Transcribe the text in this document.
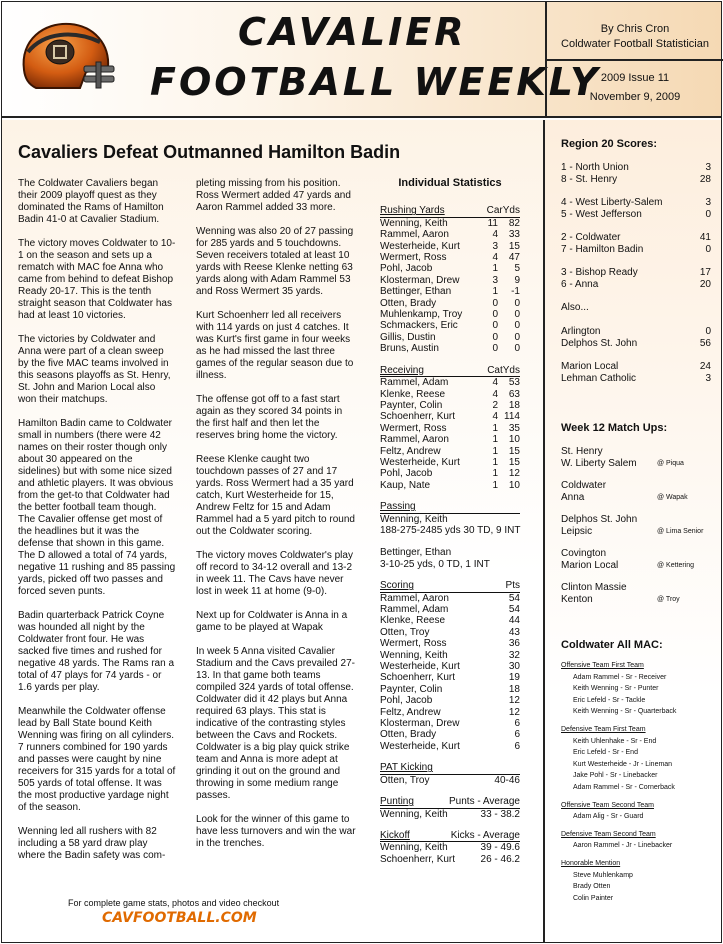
CAVALIER
FOOTBALL WEEKLY
By Chris Cron
Coldwater Football Statistician
2009 Issue 11
November 9, 2009
Cavaliers Defeat Outmanned Hamilton Badin

The Coldwater Cavaliers began their 2009 playoff quest as they dominated the Rams of Hamilton Badin 41-0 at Cavalier Stadium.

The victory moves Coldwater to 10-1 on the season and sets up a rematch with MAC foe Anna who came from behind to defeat Bishop Ready 20-17. This is the tenth straight season that Coldwater has had at least 10 victories.

The victories by Coldwater and Anna were part of a clean sweep by the five MAC teams involved in this seasons playoffs as St. Henry, St. John and Marion Local also won their matchups.

Hamilton Badin came to Coldwater small in numbers (there were 42 names on their roster though only about 30 appeared on the sidelines) but with some nice sized and athletic players. It was obvious from the get-to that Coldwater had the better football team though. The Cavalier offense get most of the headlines but it was the defense that shown in this game. The D allowed a total of 74 yards, negative 11 rushing and 85 passing yards, picked off two passes and forced seven punts.

Badin quarterback Patrick Coyne was hounded all night by the Coldwater front four. He was sacked five times and rushed for negative 48 yards. The Rams ran a total of 47 plays for 74 yards - or 1.6 yards per play.

Meanwhile the Coldwater offense lead by Ball State bound Keith Wenning was firing on all cylinders. 7 runners combined for 190 yards and passes were caught by nine receivers for 315 yards for a total of 505 yards of total offense. It was the most productive yardage night of the season.

Wenning led all rushers with 82 including a 58 yard draw play where the Badin safety was com-

pleting missing from his position. Ross Wermert added 47 yards and Aaron Rammel added 33 more.

Wenning was also 20 of 27 passing for 285 yards and 5 touchdowns. Seven receivers totaled at least 10 yards with Reese Klenke netting 63 yards along with Adam Rammel 53 and Ross Wermert 35 yards.

Kurt Schoenherr led all receivers with 114 yards on just 4 catches. It was Kurt's first game in four weeks as he had missed the last three games of the regular season due to illness.

The offense got off to a fast start again as they scored 34 points in the first half and then let the reserves bring home the victory.

Reese Klenke caught two touchdown passes of 27 and 17 yards. Ross Wermert had a 35 yard catch, Kurt Westerheide for 15, Andrew Feltz for 15 and Adam Rammel had a 5 yard pitch to round out the Coldwater scoring.

The victory moves Coldwater's play off record to 34-12 overall and 13-2 in week 11. The Cavs have never lost in week 11 at home (9-0).

Next up for Coldwater is Anna in a game to be played at Wapak

In week 5 Anna visited Cavalier Stadium and the Cavs prevailed 27-13. In that game both teams compiled 324 yards of total offense. Coldwater did it 42 plays but Anna required 63 plays. This stat is indicative of the contrasting styles between the Cavs and Rockets. Coldwater is a big play quick strike team and Anna is more adept at grinding it out on the ground and throwing in some medium range passes.

Look for the winner of this game to have less turnovers and win the war in the trenches.

Individual Statistics
Rushing Yards	Car Yds
Wenning, Keith	11	82
Rammel, Aaron	4	33
Westerheide, Kurt	3	15
Wermert, Ross	4	47
Pohl, Jacob	1	5
Klosterman, Drew	3	9
Bettinger, Ethan	1	-1
Otten, Brady	0	0
Muhlenkamp, Troy	0	0
Schmackers, Eric	0	0
Gillis, Dustin	0	0
Bruns, Austin	0	0
Receiving	Cat Yds
Rammel, Adam	4	53
Klenke, Reese	4	63
Paynter, Colin	2	18
Schoenherr, Kurt	4 114
Wermert, Ross	1	35
Rammel, Aaron	1	10
Feltz, Andrew	1	15
Westerheide, Kurt	1	15
Pohl, Jacob	1	12
Kaup, Nate	1	10
Passing
Wenning, Keith
188-275-2485 yds 30 TD, 9 INT
Bettinger, Ethan
3-10-25 yds, 0 TD, 1 INT
Scoring	Pts
Rammel, Aaron	54
Rammel, Adam	54
Klenke, Reese	44
Otten, Troy	43
Wermert, Ross	36
Wenning, Keith	32
Westerheide, Kurt	30
Schoenherr, Kurt	19
Paynter, Colin	18
Pohl, Jacob	12
Feltz, Andrew	12
Klosterman, Drew	6
Otten, Brady	6
Westerheide, Kurt	6
PAT Kicking
Otten, Troy	40-46
Punting	Punts - Average
Wenning, Keith	33 - 38.2
Kickoff	Kicks - Average
Wenning, Keith	39 - 49.6
Schoenherr, Kurt	26 - 46.2
For complete game stats, photos and video checkout
CAVFOOTBALL.COM
Region 20 Scores:
1 - North Union	3
8 - St. Henry	28
4 - West Liberty-Salem	3
5 - West Jefferson	0
2 - Coldwater	41
7 - Hamilton Badin	0
3 - Bishop Ready	17
6 - Anna	20
Also...
Arlington	0
Delphos St. John	56
Marion Local	24
Lehman Catholic	3
Week 12 Match Ups:
St. Henry
W. Liberty Salem	@ Piqua
Coldwater
Anna	@ Wapak
Delphos St. John
Leipsic	@ Lima Senior
Covington
Marion Local	@ Kettering
Clinton Massie
Kenton	@ Troy
Coldwater All MAC:
Offensive Team First Team
Adam Rammel - Sr - Receiver
Keith Wenning - Sr - Punter
Eric Lefeld - Sr - Tackle
Keith Wenning - Sr - Quarterback
Defensive Team First Team
Keith Uhlenhake - Sr - End
Eric Lefeld - Sr - End
Kurt Westerheide - Jr - Lineman
Jake Pohl - Sr - Linebacker
Adam Rammel - Sr - Cornerback
Offensive Team Second Team
Adam Alig - Sr - Guard
Defensive Team Second Team
Aaron Rammel - Jr - Linebacker
Honorable Mention
Steve Muhlenkamp
Brady Otten
Colin Painter
